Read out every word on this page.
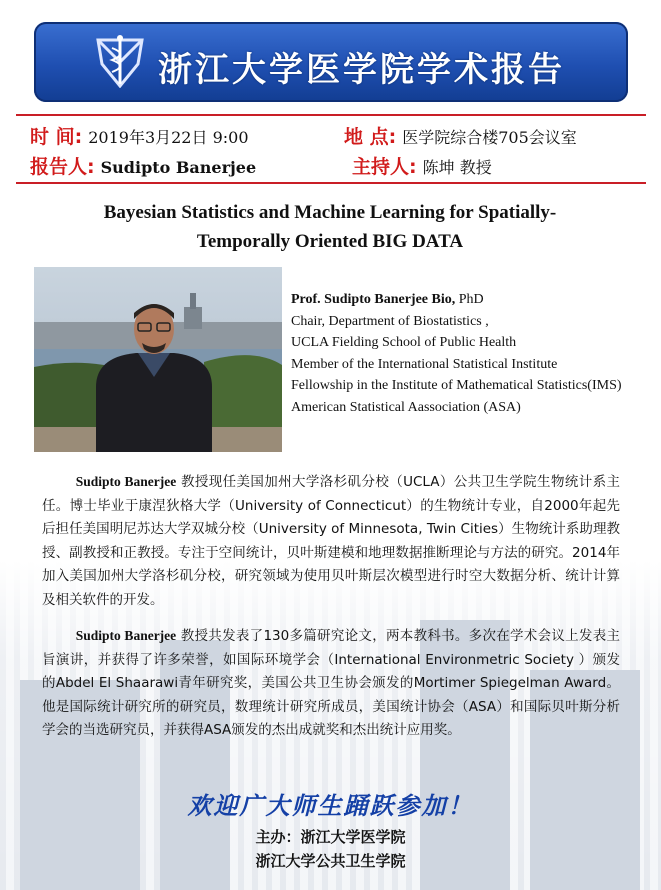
浙江大学医学院学术报告
时 间: 2019年3月22日 9:00	地 点: 医学院综合楼705会议室
报告人: Sudipto Banerjee	主持人: 陈坤 教授
Bayesian Statistics and Machine Learning for Spatially-
Temporally Oriented BIG DATA
Prof. Sudipto Banerjee Bio, PhD
Chair, Department of Biostatistics ,
UCLA Fielding School of Public Health
Member of the International Statistical Institute
Fellowship in the Institute of Mathematical Statistics(IMS)
American Statistical Aassociation (ASA)
Sudipto Banerjee 教授现任美国加州大学洛杉矶分校（UCLA）公共卫生学院生物统计系主任。博士毕业于康涅狄格大学（University of Connecticut）的生物统计专业，自2000年起先后担任美国明尼苏达大学双城分校（University of Minnesota, Twin Cities）生物统计系助理教授、副教授和正教授。专注于空间统计，贝叶斯建模和地理数据推断理论与方法的研究。2014年加入美国加州大学洛杉矶分校，研究领域为使用贝叶斯层次模型进行时空大数据分析、统计计算及相关软件的开发。
Sudipto Banerjee 教授共发表了130多篇研究论文，两本教科书。多次在学术会议上发表主旨演讲，并获得了许多荣誉，如国际环境学会（International Environmetric Society ）颁发的Abdel El Shaarawi青年研究奖，美国公共卫生协会颁发的Mortimer Spiegelman Award。他是国际统计研究所的研究员，数理统计研究所成员，美国统计协会（ASA）和国际贝叶斯分析学会的当选研究员，并获得ASA颁发的杰出成就奖和杰出统计应用奖。
欢迎广大师生踊跃参加！
主办：浙江大学医学院
浙江大学公共卫生学院
